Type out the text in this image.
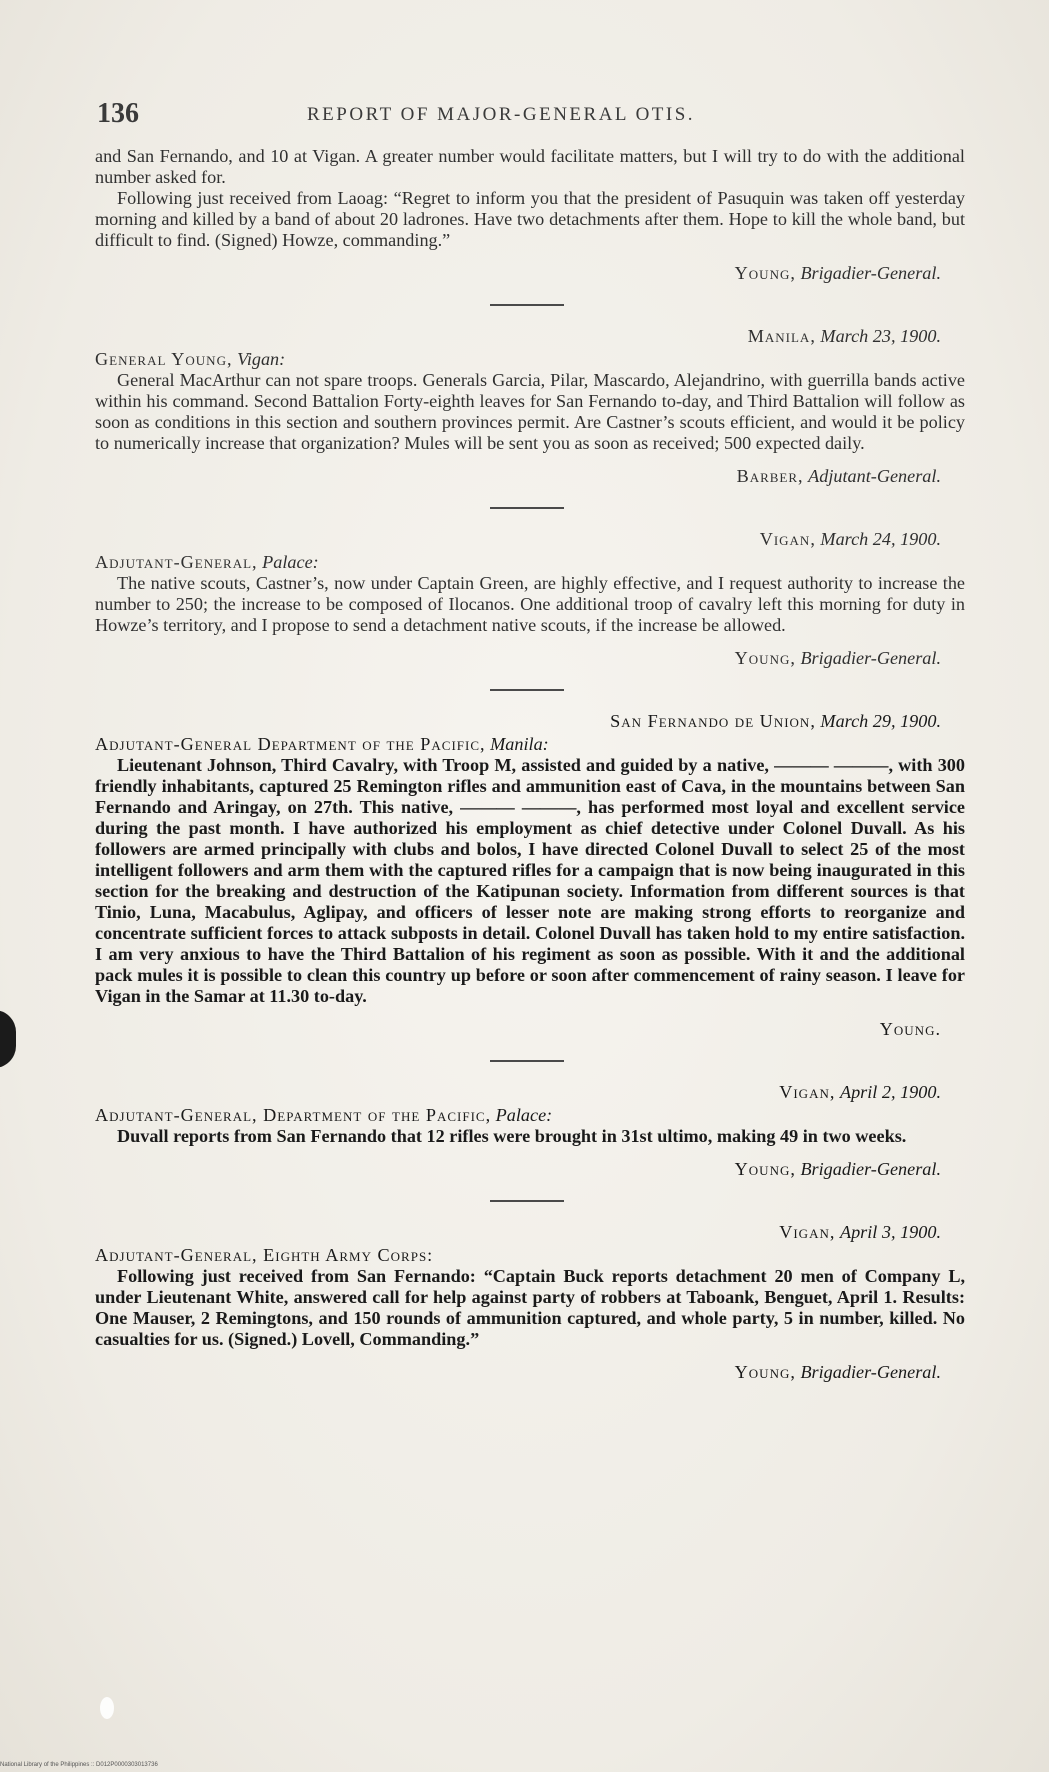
136	REPORT OF MAJOR-GENERAL OTIS.

and San Fernando, and 10 at Vigan. A greater number would facilitate matters, but I will try to do with the additional number asked for.

Following just received from Laoag: “Regret to inform you that the president of Pasuquin was taken off yesterday morning and killed by a band of about 20 ladrones. Have two detachments after them. Hope to kill the whole band, but difficult to find. (Signed) Howze, commanding.”

Young, Brigadier-General.
Manila, March 23, 1900.
General Young, Vigan:

General MacArthur can not spare troops. Generals Garcia, Pilar, Mascardo, Alejandrino, with guerrilla bands active within his command. Second Battalion Forty-eighth leaves for San Fernando to-day, and Third Battalion will follow as soon as conditions in this section and southern provinces permit. Are Castner’s scouts efficient, and would it be policy to numerically increase that organization? Mules will be sent you as soon as received; 500 expected daily.

Barber, Adjutant-General.
Vigan, March 24, 1900.
Adjutant-General, Palace:

The native scouts, Castner’s, now under Captain Green, are highly effective, and I request authority to increase the number to 250; the increase to be composed of Ilocanos. One additional troop of cavalry left this morning for duty in Howze’s territory, and I propose to send a detachment native scouts, if the increase be allowed.

Young, Brigadier-General.
San Fernando de Union, March 29, 1900.
Adjutant-General Department of the Pacific, Manila:

Lieutenant Johnson, Third Cavalry, with Troop M, assisted and guided by a native, ——— ———, with 300 friendly inhabitants, captured 25 Remington rifles and ammunition east of Cava, in the mountains between San Fernando and Aringay, on 27th. This native, ——— ———, has performed most loyal and excellent service during the past month. I have authorized his employment as chief detective under Colonel Duvall. As his followers are armed principally with clubs and bolos, I have directed Colonel Duvall to select 25 of the most intelligent followers and arm them with the captured rifles for a campaign that is now being inaugurated in this section for the breaking and destruction of the Katipunan society. Information from different sources is that Tinio, Luna, Macabulus, Aglipay, and officers of lesser note are making strong efforts to reorganize and concentrate sufficient forces to attack subposts in detail. Colonel Duvall has taken hold to my entire satisfaction. I am very anxious to have the Third Battalion of his regiment as soon as possible. With it and the additional pack mules it is possible to clean this country up before or soon after commencement of rainy season. I leave for Vigan in the Samar at 11.30 to-day.

Young.
Vigan, April 2, 1900.
Adjutant-General, Department of the Pacific, Palace:

Duvall reports from San Fernando that 12 rifles were brought in 31st ultimo, making 49 in two weeks.

Young, Brigadier-General.
Vigan, April 3, 1900.
Adjutant-General, Eighth Army Corps:

Following just received from San Fernando: “Captain Buck reports detachment 20 men of Company L, under Lieutenant White, answered call for help against party of robbers at Taboank, Benguet, April 1. Results: One Mauser, 2 Remingtons, and 150 rounds of ammunition captured, and whole party, 5 in number, killed. No casualties for us. (Signed.) Lovell, Commanding.”

Young, Brigadier-General.
National Library of the Philippines :: D012P0000303013736
